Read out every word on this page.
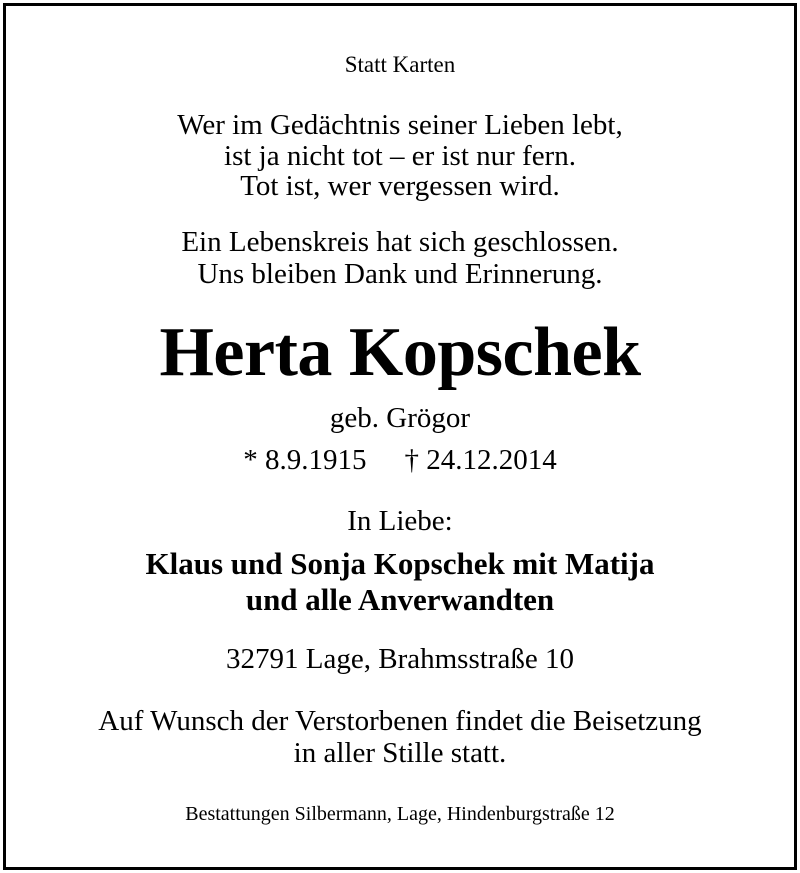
Statt Karten
Wer im Gedächtnis seiner Lieben lebt,
ist ja nicht tot – er ist nur fern.
Tot ist, wer vergessen wird.
Ein Lebenskreis hat sich geschlossen.
Uns bleiben Dank und Erinnerung.
Herta Kopschek
geb. Grögor
* 8.9.1915 † 24.12.2014
In Liebe:
Klaus und Sonja Kopschek mit Matija
und alle Anverwandten
32791 Lage, Brahmsstraße 10
Auf Wunsch der Verstorbenen findet die Beisetzung
in aller Stille statt.
Bestattungen Silbermann, Lage, Hindenburgstraße 12
